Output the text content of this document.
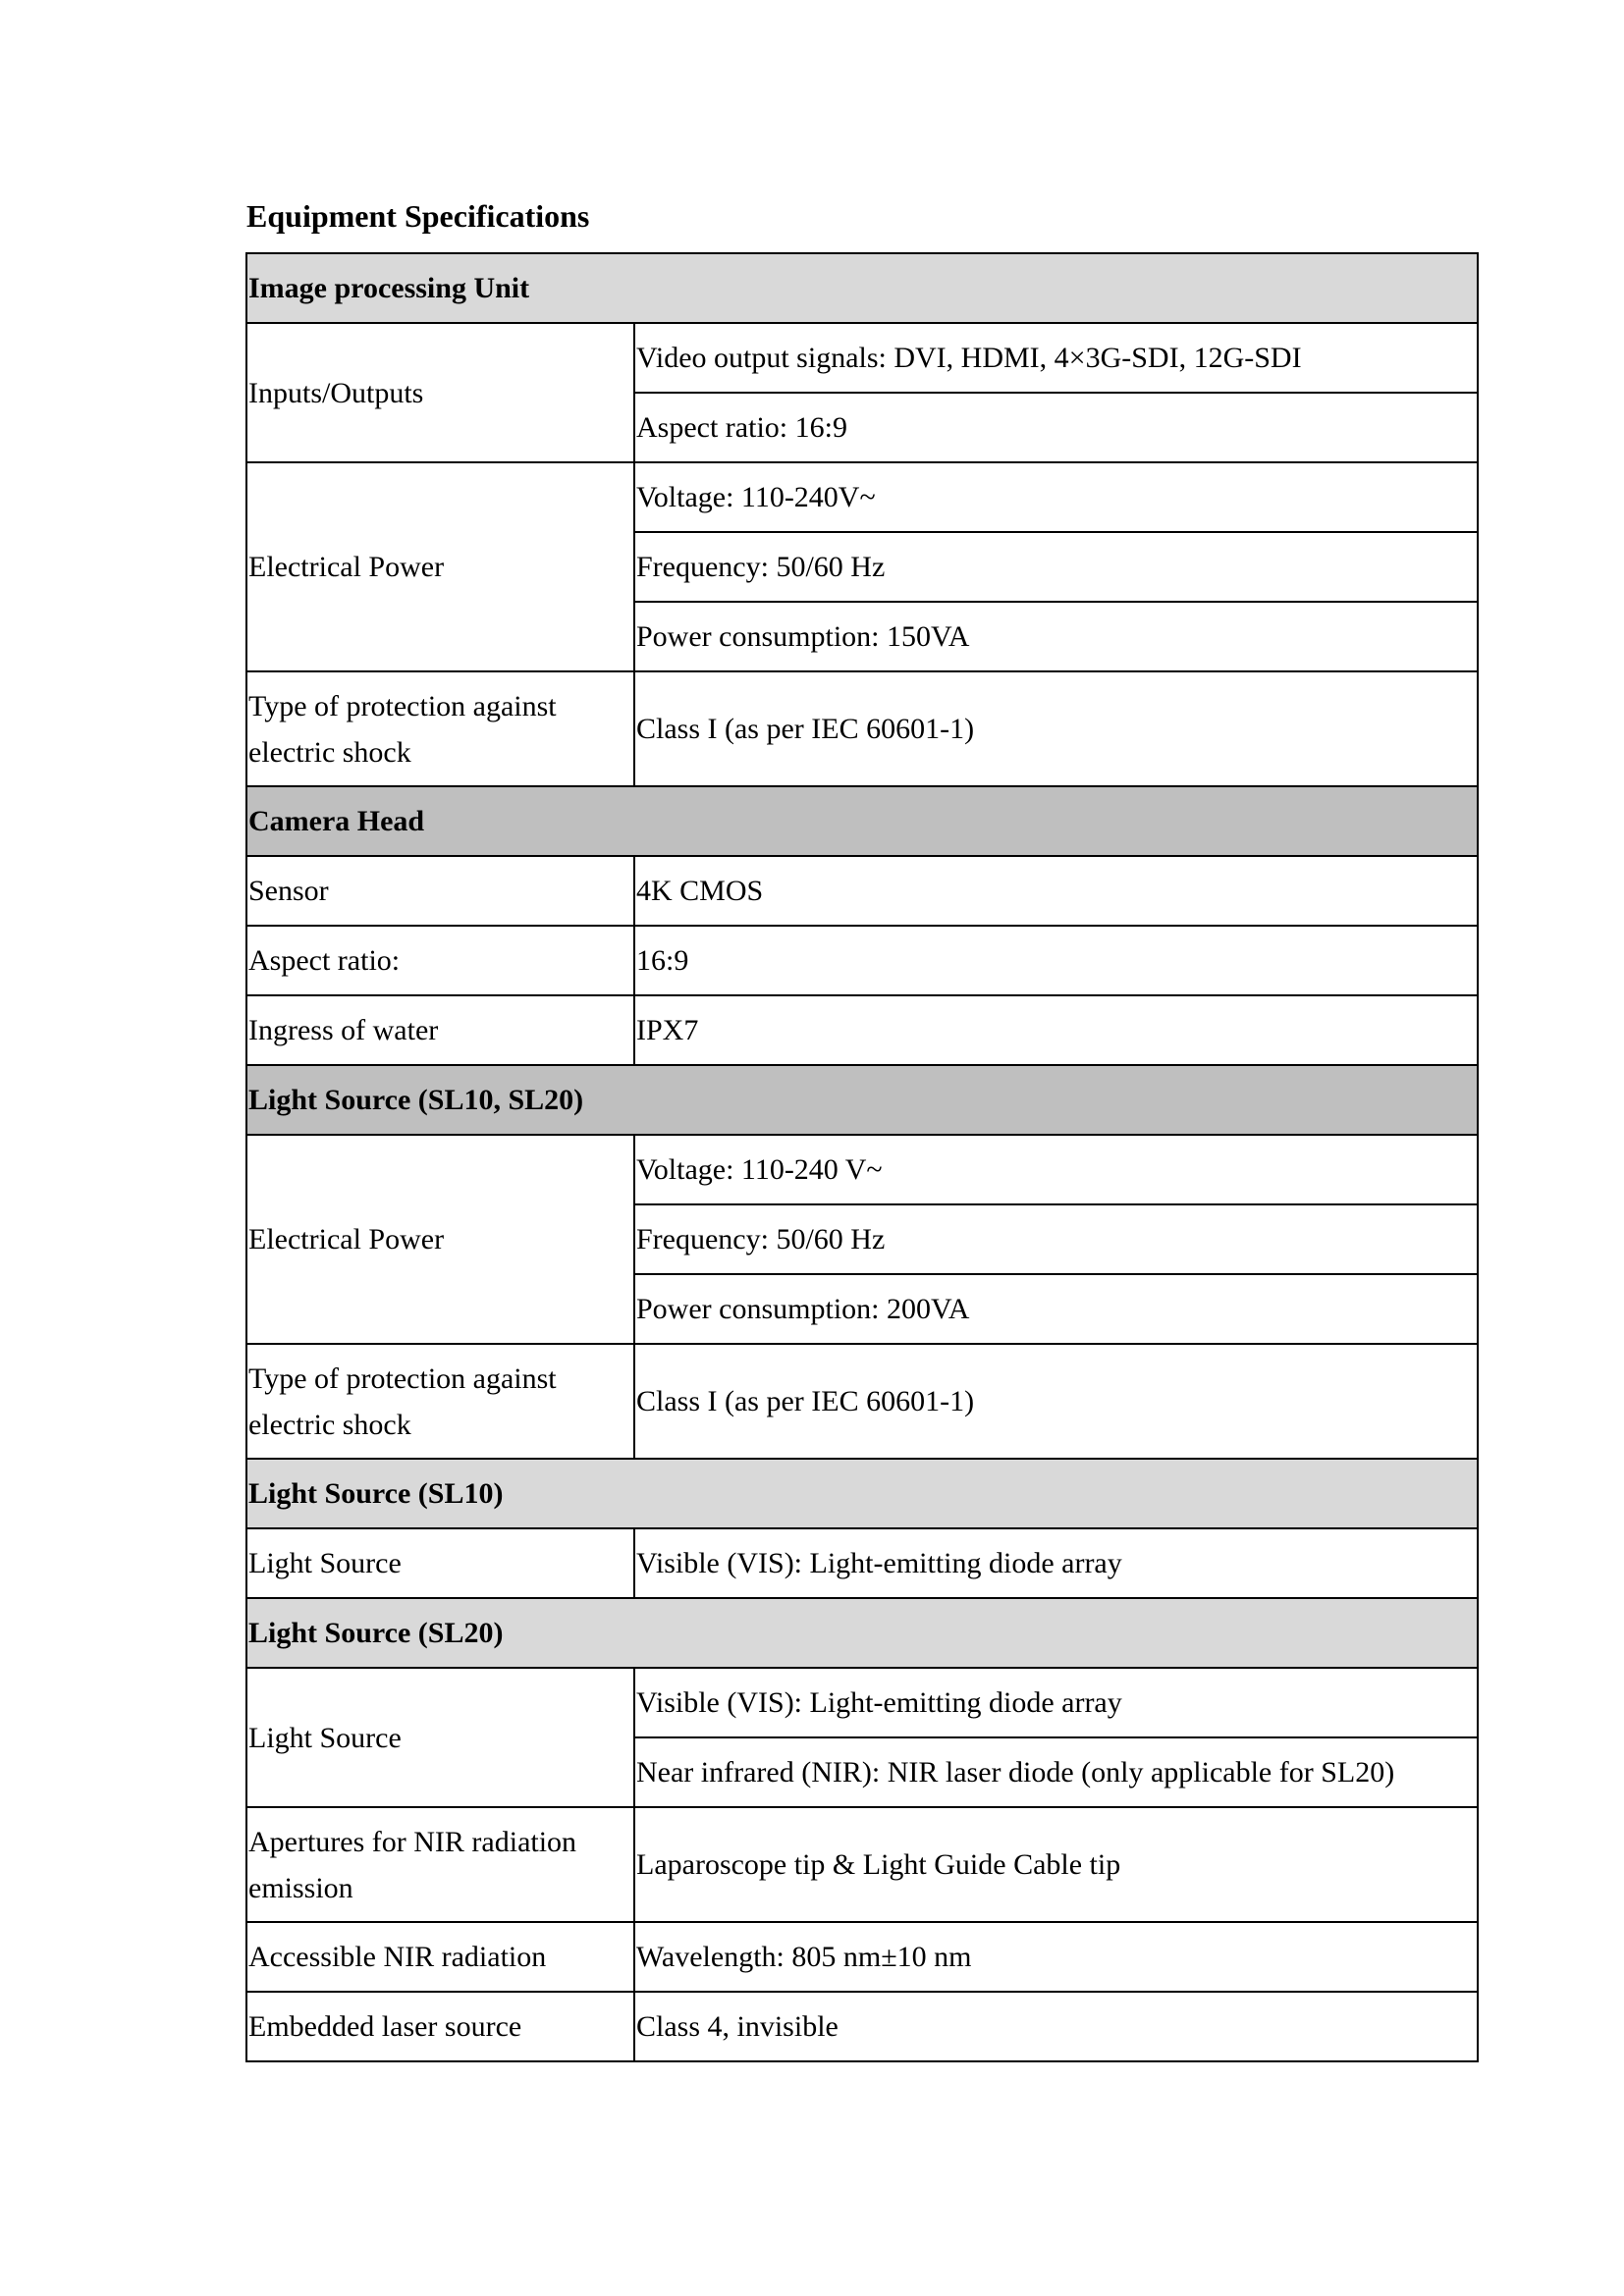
Equipment Specifications
Image processing Unit	
Inputs/Outputs	Video output signals: DVI, HDMI, 4×3G-SDI, 12G-SDI
	Aspect ratio: 16:9
Electrical Power	Voltage: 110-240V~
	Frequency: 50/60 Hz
	Power consumption: 150VA
Type of protection against electric shock	Class I (as per IEC 60601-1)
Camera Head	
Sensor	4K CMOS
Aspect ratio:	16:9
Ingress of water	IPX7
Light Source (SL10, SL20)	
Electrical Power	Voltage: 110-240 V~
	Frequency: 50/60 Hz
	Power consumption: 200VA
Type of protection against electric shock	Class I (as per IEC 60601-1)
Light Source (SL10)	
Light Source	Visible (VIS): Light-emitting diode array
Light Source (SL20)	
Light Source	Visible (VIS): Light-emitting diode array
	Near infrared (NIR): NIR laser diode (only applicable for SL20)
Apertures for NIR radiation emission	Laparoscope tip & Light Guide Cable tip
Accessible NIR radiation	Wavelength: 805 nm±10 nm
Embedded laser source	Class 4, invisible
